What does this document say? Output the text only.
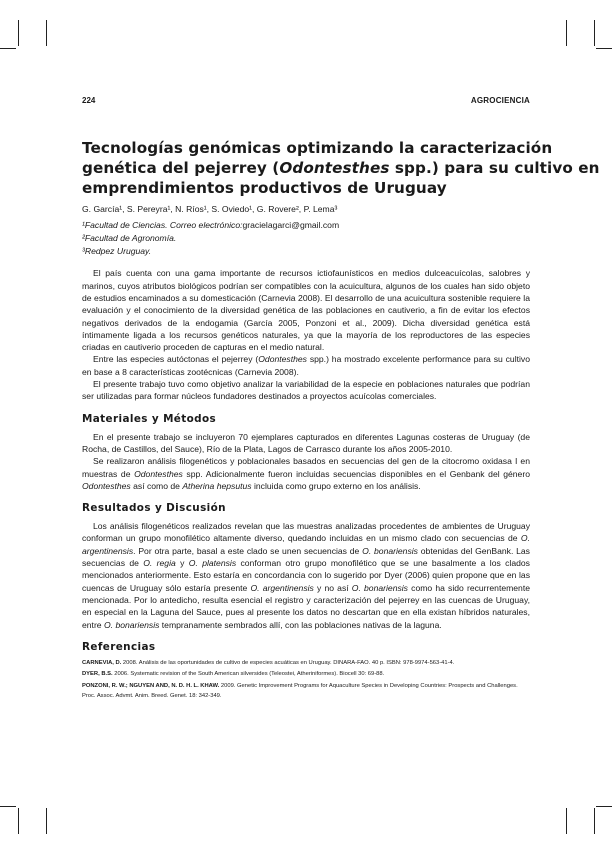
224	AGROCIENCIA
Tecnologías genómicas optimizando la caracterización
genética del pejerrey (Odontesthes spp.) para su cultivo en
emprendimientos productivos de Uruguay
G. García¹, S. Pereyra¹, N. Ríos¹, S. Oviedo¹, G. Rovere², P. Lema³
¹Facultad de Ciencias. Correo electrónico:gracielagarci@gmail.com
²Facultad de Agronomía.
³Redpez Uruguay.

El país cuenta con una gama importante de recursos ictiofaunísticos en medios dulceacuícolas, salobres y marinos, cuyos atributos biológicos podrían ser compatibles con la acuicultura, algunos de los cuales han sido objeto de estudios encaminados a su domesticación (Carnevia 2008). El desarrollo de una acuicultura sostenible requiere la evaluación y el conocimiento de la diversidad genética de las poblaciones en cautiverio, a fin de evitar los efectos negativos derivados de la endogamia (García 2005, Ponzoni et al., 2009). Dicha diversidad genética está íntimamente ligada a los recursos genéticos naturales, ya que la mayoría de los reproductores de las especies criadas en cautiverio proceden de capturas en el medio natural.

Entre las especies autóctonas el pejerrey (Odontesthes spp.) ha mostrado excelente performance para su cultivo en base a 8 características zootécnicas (Carnevia 2008).

El presente trabajo tuvo como objetivo analizar la variabilidad de la especie en poblaciones naturales que podrían ser utilizadas para formar núcleos fundadores destinados a proyectos acuícolas comerciales.

Materiales y Métodos

En el presente trabajo se incluyeron 70 ejemplares capturados en diferentes Lagunas costeras de Uruguay (de Rocha, de Castillos, del Sauce), Río de la Plata, Lagos de Carrasco durante los años 2005-2010.

Se realizaron análisis filogenéticos y poblacionales basados en secuencias del gen de la citocromo oxidasa I en muestras de Odontesthes spp. Adicionalmente fueron incluidas secuencias disponibles en el Genbank del género Odontesthes así como de Atherina hepsutus incluida como grupo externo en los análisis.

Resultados y Discusión

Los análisis filogenéticos realizados revelan que las muestras analizadas procedentes de ambientes de Uruguay conforman un grupo monofilético altamente diverso, quedando incluidas en un mismo clado con secuencias de O. argentinensis. Por otra parte, basal a este clado se unen secuencias de O. bonariensis obtenidas del GenBank. Las secuencias de O. regia y O. platensis conforman otro grupo monofilético que se une basalmente a los clados mencionados anteriormente. Esto estaría en concordancia con lo sugerido por Dyer (2006) quien propone que en las cuencas de Uruguay sólo estaría presente O. argentinensis y no así O. bonariensis como ha sido recurrentemente mencionada. Por lo antedicho, resulta esencial el registro y caracterización del pejerrey en las cuencas de Uruguay, en especial en la Laguna del Sauce, pues al presente los datos no descartan que en ella existan híbridos naturales, entre O. bonariensis tempranamente sembrados allí, con las poblaciones nativas de la laguna.

Referencias

CARNEVIA, D. 2008. Análisis de las oportunidades de cultivo de especies acuáticas en Uruguay. DINARA-FAO. 40 p. ISBN: 978-9974-563-41-4.

DYER, B.S. 2006. Systematic revision of the South American silversides (Teleostei, Atheriniformes). Biocell 30: 69-88.

PONZONI, R. W.; NGUYEN AND, N. D. H. L. KHAW. 2009. Genetic Improvement Programs for Aquaculture Species in Developing Countries: Prospects and Challenges. Proc. Assoc. Advmt. Anim. Breed. Genet. 18: 342-349.
